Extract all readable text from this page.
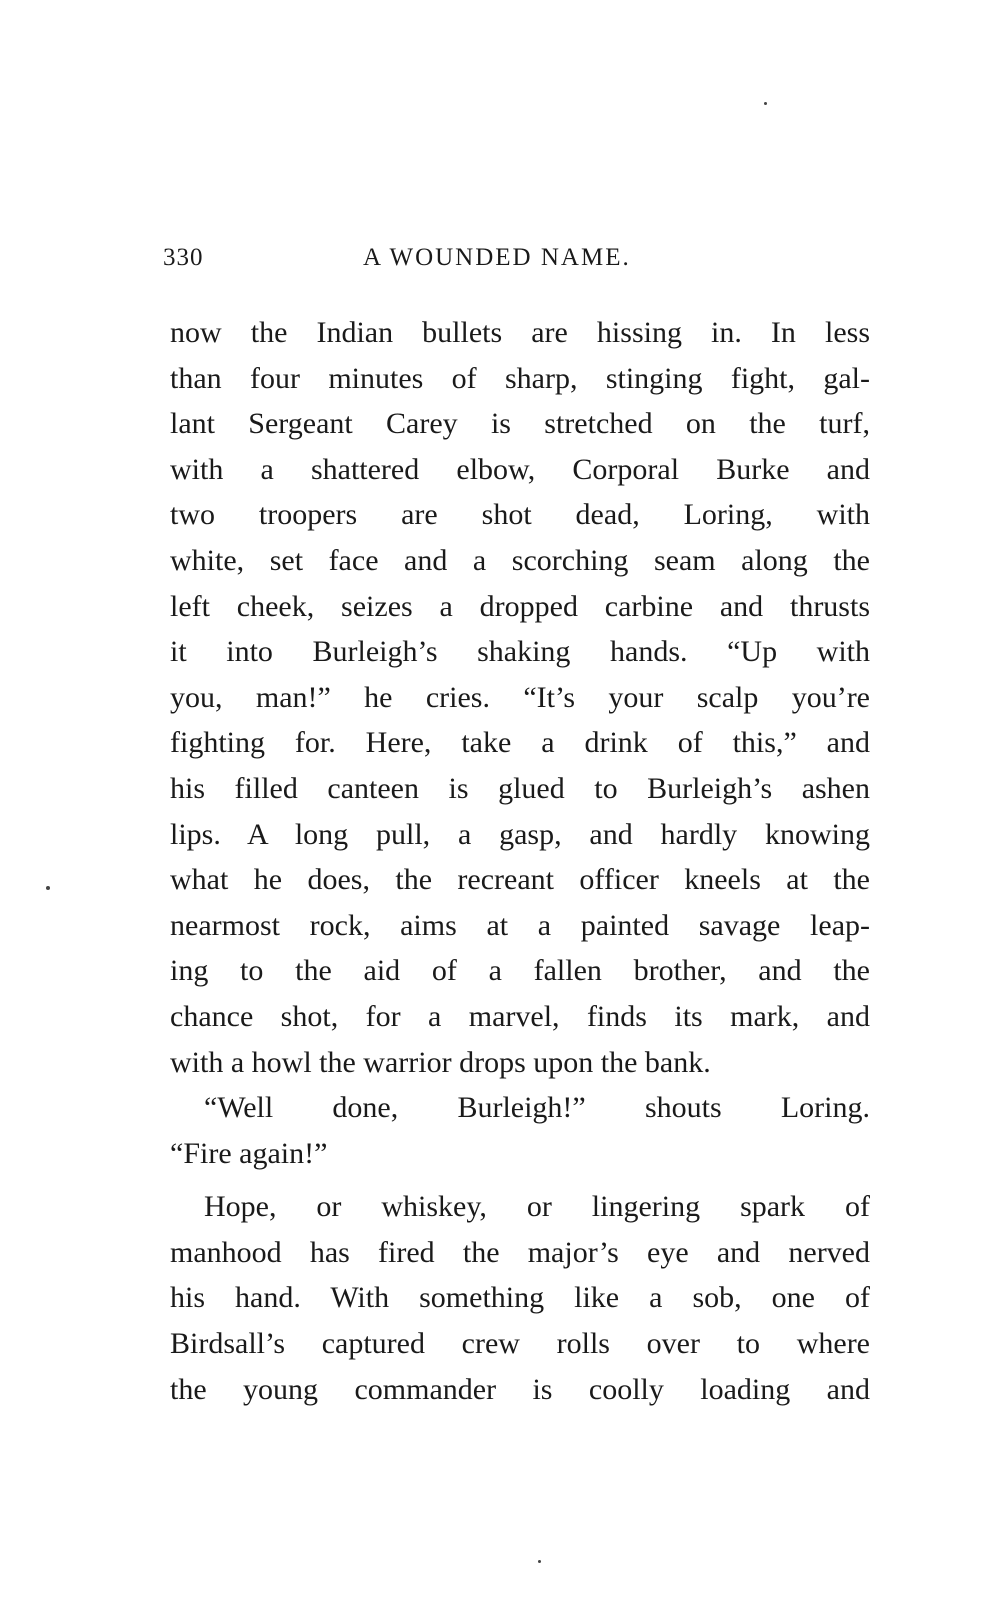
330	A WOUNDED NAME.
now the Indian bullets are hissing in. In less
than four minutes of sharp, stinging fight, gal-
lant Sergeant Carey is stretched on the turf,
with a shattered elbow, Corporal Burke and
two troopers are shot dead, Loring, with
white, set face and a scorching seam along the
left cheek, seizes a dropped carbine and thrusts
it into Burleigh’s shaking hands. “Up with
you, man!” he cries. “It’s your scalp you’re
fighting for. Here, take a drink of this,” and
his filled canteen is glued to Burleigh’s ashen
lips. A long pull, a gasp, and hardly knowing
what he does, the recreant officer kneels at the
nearmost rock, aims at a painted savage leap-
ing to the aid of a fallen brother, and the
chance shot, for a marvel, finds its mark, and
with a howl the warrior drops upon the bank.
“Well done, Burleigh!” shouts Loring.
“Fire again!”
Hope, or whiskey, or lingering spark of
manhood has fired the major’s eye and nerved
his hand. With something like a sob, one of
Birdsall’s captured crew rolls over to where
the young commander is coolly loading and
